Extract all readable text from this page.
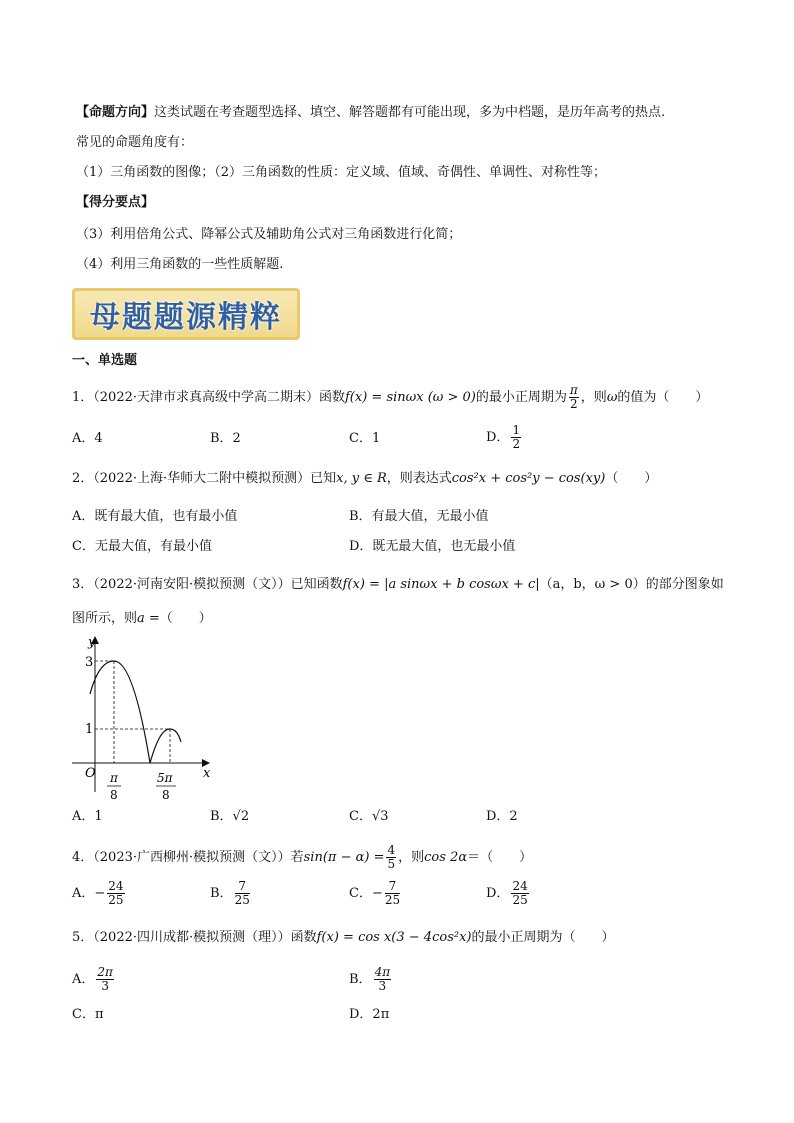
【命题方向】这类试题在考查题型选择、填空、解答题都有可能出现，多为中档题，是历年高考的热点.
常见的命题角度有：
（1）三角函数的图像；（2）三角函数的性质：定义域、值域、奇偶性、单调性、对称性等；
【得分要点】
（3）利用倍角公式、降幂公式及辅助角公式对三角函数进行化简；
（4）利用三角函数的一些性质解题.
母题题源精粹
一、单选题
1．（2022·天津市求真高级中学高二期末）函数f(x) = sinωx (ω > 0)的最小正周期为 $\frac{\pi}{2}$ ，则ω的值为（　　）
A．4	B．2	C．1	D． $\frac{1}{2}$
2．（2022·上海·华师大二附中模拟预测）已知x, y ∈ R，则表达式cos²x + cos²y − cos(xy)（　　）
A．既有最大值，也有最小值	B．有最大值，无最小值
C．无最大值，有最小值	D．既无最大值，也无最小值
3．（2022·河南安阳·模拟预测（文））已知函数f(x) = |a sinωx + b cosωx + c|（a，b，ω > 0）的部分图象如
图所示，则a =（　　）
y
x
O
3
1
π
8
5π
8
A．1	B．√2	C．√3	D．2
4．（2023·广西柳州·模拟预测（文））若$\sin(\pi - \alpha) = \frac{4}{5}$ ，则cos 2α＝（　　）
A．− $\frac{24}{25}$	B． $\frac{7}{25}$	C．− $\frac{7}{25}$	D． $\frac{24}{25}$
5．（2022·四川成都·模拟预测（理））函数f(x) = cos x(3 − 4cos²x)的最小正周期为（　　）
A． $\frac{2\pi}{3}$	B． $\frac{4\pi}{3}$
C．π	D．2π
